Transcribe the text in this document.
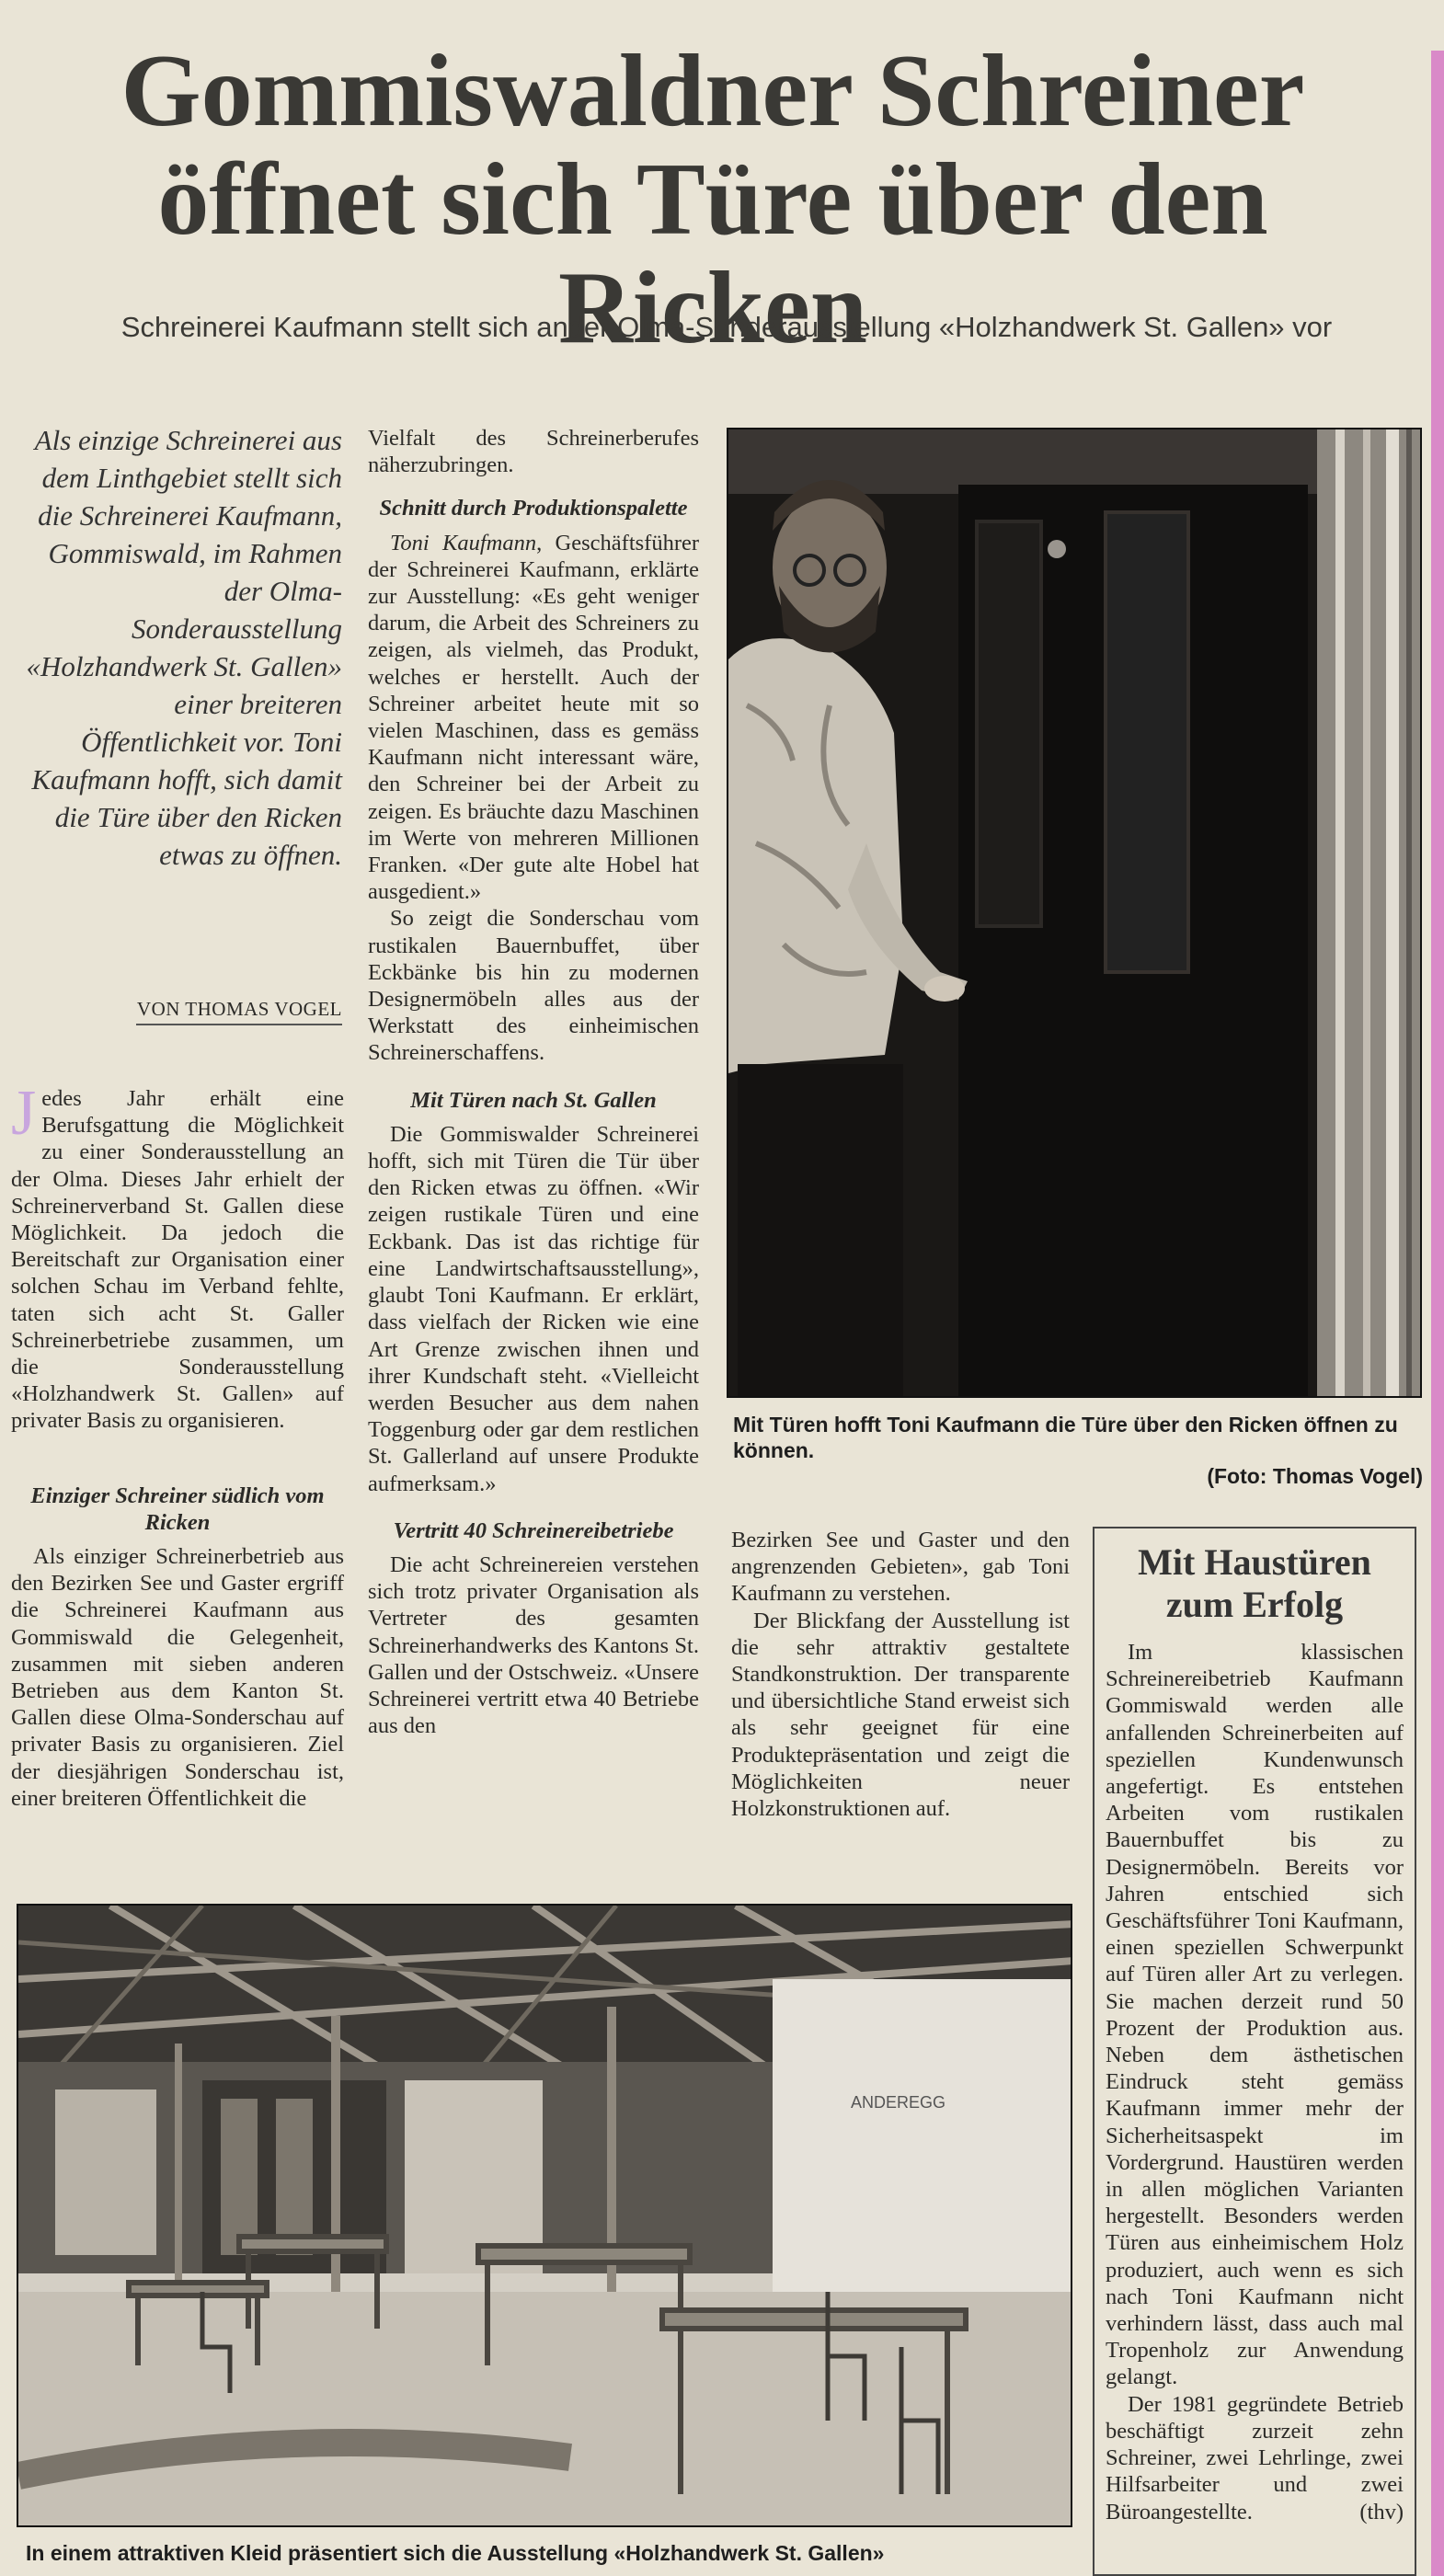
Gommiswaldner Schreiner
öffnet sich Türe über den Ricken
Schreinerei Kaufmann stellt sich ander Olma-Sonderausstellung «Holzhandwerk St. Gallen» vor
Als einzige Schreinerei aus dem Linthgebiet stellt sich die Schreinerei Kaufmann, Gommiswald, im Rahmen der Olma-Sonderausstellung «Holzhandwerk St. Gallen» einer breiteren Öffentlichkeit vor. Toni Kaufmann hofft, sich damit die Türe über den Ricken etwas zu öffnen.
VON THOMAS VOGEL

Jedes Jahr erhält eine Berufsgattung die Möglichkeit zu einer Sonderausstellung an der Olma. Dieses Jahr erhielt der Schreinerverband St. Gallen diese Möglichkeit. Da jedoch die Bereitschaft zur Organisation einer solchen Schau im Verband fehlte, taten sich acht St. Galler Schreinerbetriebe zusammen, um die Sonderausstellung «Holzhandwerk St. Gallen» auf privater Basis zu organisieren.

Einziger Schreiner südlich vom Ricken

Als einziger Schreinerbetrieb aus den Bezirken See und Gaster ergriff die Schreinerei Kaufmann aus Gommiswald die Gelegenheit, zusammen mit sieben anderen Betrieben aus dem Kanton St. Gallen diese Olma-Sonderschau auf privater Basis zu organisieren. Ziel der diesjährigen Sonderschau ist, einer breiteren Öffentlichkeit die

Vielfalt des Schreinerberufes näherzubringen.

Schnitt durch Produktionspalette

Toni Kaufmann, Geschäftsführer der Schreinerei Kaufmann, erklärte zur Ausstellung: «Es geht weniger darum, die Arbeit des Schreiners zu zeigen, als vielmeh, das Produkt, welches er herstellt. Auch der Schreiner arbeitet heute mit so vielen Maschinen, dass es gemäss Kaufmann nicht interessant wäre, den Schreiner bei der Arbeit zu zeigen. Es bräuchte dazu Maschinen im Werte von mehreren Millionen Franken. «Der gute alte Hobel hat ausgedient.»

So zeigt die Sonderschau vom rustikalen Bauernbuffet, über Eckbänke bis hin zu modernen Designermöbeln alles aus der Werkstatt des einheimischen Schreinerschaffens.

Mit Türen nach St. Gallen

Die Gommiswalder Schreinerei hofft, sich mit Türen die Tür über den Ricken etwas zu öffnen. «Wir zeigen rustikale Türen und eine Eckbank. Das ist das richtige für eine Landwirtschaftsausstellung», glaubt Toni Kaufmann. Er erklärt, dass vielfach der Ricken wie eine Art Grenze zwischen ihnen und ihrer Kundschaft steht. «Vielleicht werden Besucher aus dem nahen Toggenburg oder gar dem restlichen St. Gallerland auf unsere Produkte aufmerksam.»

Vertritt 40 Schreinereibetriebe

Die acht Schreinereien verstehen sich trotz privater Organisation als Vertreter des gesamten Schreinerhandwerks des Kantons St. Gallen und der Ostschweiz. «Unsere Schreinerei vertritt etwa 40 Betriebe aus den

Bezirken See und Gaster und den angrenzenden Gebieten», gab Toni Kaufmann zu verstehen.

Der Blickfang der Ausstellung ist die sehr attraktiv gestaltete Standkonstruktion. Der transparente und übersichtliche Stand erweist sich als sehr geeignet für eine Produktepräsentation und zeigt die Möglichkeiten neuer Holzkonstruktionen auf.

Mit Türen hofft Toni Kaufmann die Türe über den Ricken öffnen zu können.
(Foto: Thomas Vogel)
ANDEREGG
In einem attraktiven Kleid präsentiert sich die Ausstellung «Holzhandwerk St. Gallen»
Mit Haustüren zum Erfolg

Im klassischen Schreinereibetrieb Kaufmann Gommiswald werden alle anfallenden Schreinerbeiten auf speziellen Kundenwunsch angefertigt. Es entstehen Arbeiten vom rustikalen Bauernbuffet bis zu Designermöbeln. Bereits vor Jahren entschied sich Geschäftsführer Toni Kaufmann, einen speziellen Schwerpunkt auf Türen aller Art zu verlegen. Sie machen derzeit rund 50 Prozent der Produktion aus. Neben dem ästhetischen Eindruck steht gemäss Kaufmann immer mehr der Sicherheitsaspekt im Vordergrund. Haustüren werden in allen möglichen Varianten hergestellt. Besonders werden Türen aus einheimischem Holz produziert, auch wenn es sich nach Toni Kaufmann nicht verhindern lässt, dass auch mal Tropenholz zur Anwendung gelangt.

Der 1981 gegründete Betrieb beschäftigt zurzeit zehn Schreiner, zwei Lehrlinge, zwei Hilfsarbeiter und zwei Büroangestellte.	(thv)
